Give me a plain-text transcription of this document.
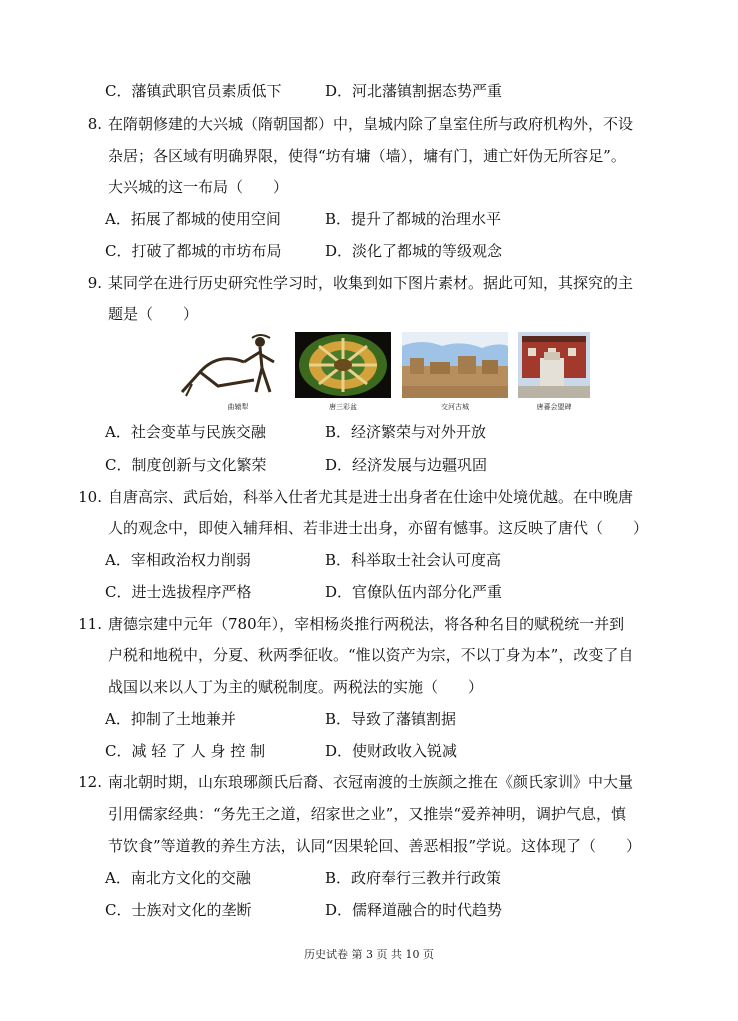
C．藩镇武职官员素质低下	D．河北藩镇割据态势严重
8. 在隋朝修建的大兴城（隋朝国都）中，皇城内除了皇室住所与政府机构外，不设
杂居；各区域有明确界限，使得“坊有墉（墙），墉有门，逋亡奸伪无所容足”。
大兴城的这一布局（　　）
A．拓展了都城的使用空间	B．提升了都城的治理水平
C．打破了都城的市坊布局	D．淡化了都城的等级观念
9. 某同学在进行历史研究性学习时，收集到如下图片素材。据此可知，其探究的主
题是（　　）
曲辕犁	唐三彩盆	交河古城	唐蕃会盟碑
A．社会变革与民族交融	B．经济繁荣与对外开放
C．制度创新与文化繁荣	D．经济发展与边疆巩固
10. 自唐高宗、武后始，科举入仕者尤其是进士出身者在仕途中处境优越。在中晚唐
人的观念中，即使入辅拜相、若非进士出身，亦留有憾事。这反映了唐代（　　）
A．宰相政治权力削弱	B．科举取士社会认可度高
C．进士选拔程序严格	D．官僚队伍内部分化严重
11. 唐德宗建中元年（780年），宰相杨炎推行两税法，将各种名目的赋税统一并到
户税和地税中，分夏、秋两季征收。“惟以资产为宗，不以丁身为本”，改变了自
战国以来以人丁为主的赋税制度。两税法的实施（　　）
A．抑制了土地兼并	B．导致了藩镇割据
C．减 轻 了 人 身 控 制	D．使财政收入锐减
12. 南北朝时期，山东琅琊颜氏后裔、衣冠南渡的士族颜之推在《颜氏家训》中大量
引用儒家经典：“务先王之道，绍家世之业”，又推崇“爱养神明，调护气息，慎
节饮食”等道教的养生方法，认同“因果轮回、善恶相报”学说。这体现了（　　）
A．南北方文化的交融	B．政府奉行三教并行政策
C．士族对文化的垄断	D．儒释道融合的时代趋势
历史试卷 第 3 页 共 10 页
